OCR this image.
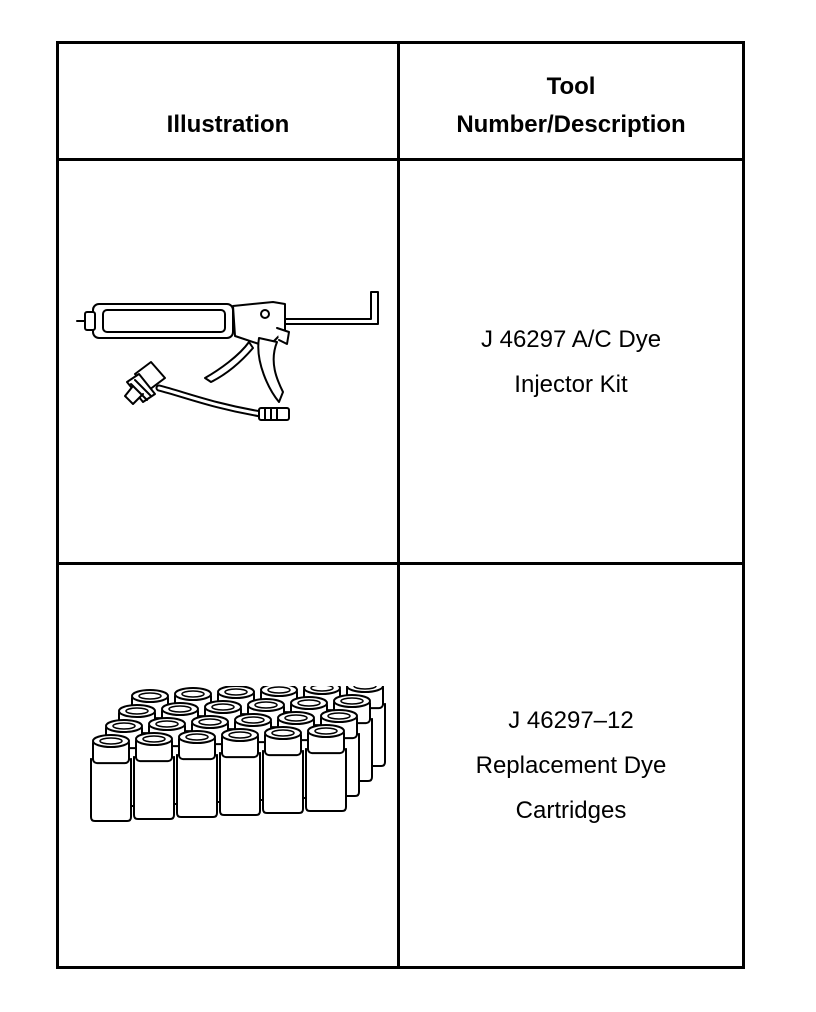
Illustration	Tool
Number/Description

J 46297 A/C Dye
Injector Kit

J 46297–12
Replacement Dye
Cartridges
